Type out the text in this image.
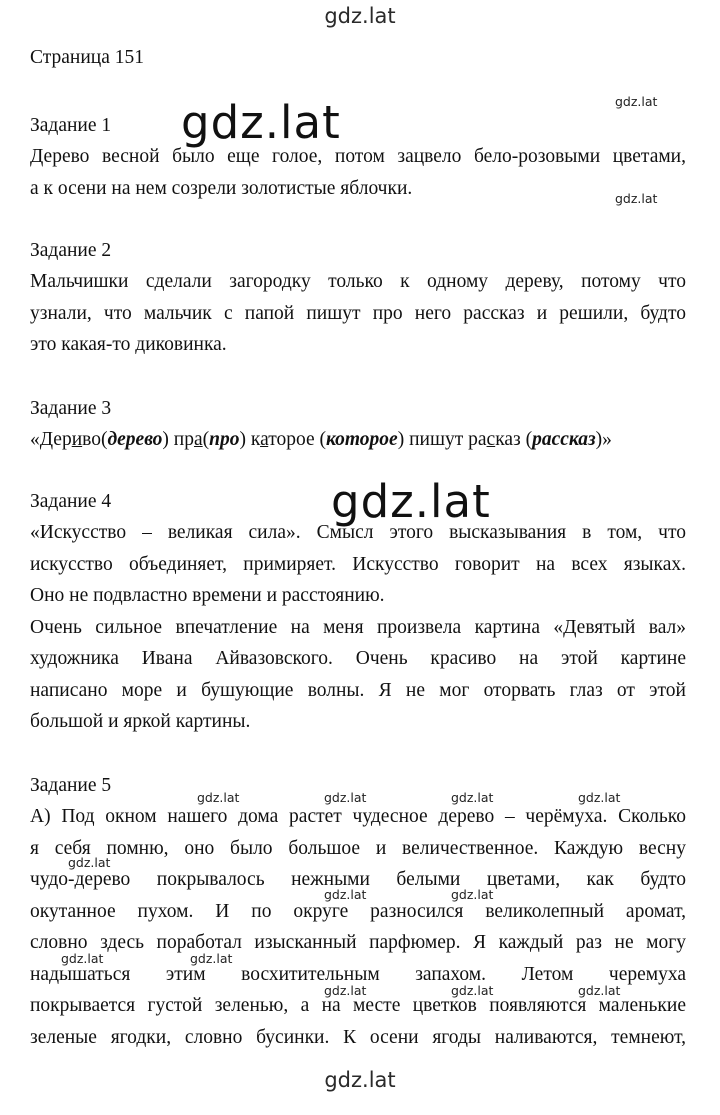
gdz.lat
gdz.lat
gdz.lat
gdz.lat
gdz.lat
gdz.lat
gdz.lat	gdz.lat	gdz.lat	gdz.lat
gdz.lat
gdz.lat	gdz.lat
gdz.lat	gdz.lat
gdz.lat	gdz.lat	gdz.lat
Страница 151
Задание 1

Дерево весной было еще голое, потом зацвело бело-розовыми цветами,

а к осени на нем созрели золотистые яблочки.

Задание 2

Мальчишки сделали загородку только к одному дереву, потому что

узнали, что мальчик с папой пишут про него рассказ и решили, будто

это какая-то диковинка.

Задание 3

«Дериво(дерево) пра(про) каторое (которое) пишут расказ (рассказ)»

Задание 4

«Искусство – великая сила». Смысл этого высказывания в том, что

искусство объединяет, примиряет. Искусство говорит на всех языках.

Оно не подвластно времени и расстоянию.

Очень сильное впечатление на меня произвела картина «Девятый вал»

художника Ивана Айвазовского. Очень красиво на этой картине

написано море и бушующие волны. Я не мог оторвать глаз от этой

большой и яркой картины.

Задание 5

А) Под окном нашего дома растет чудесное дерево – черёмуха. Сколько

я себя помню, оно было большое и величественное. Каждую весну

чудо-дерево покрывалось нежными белыми цветами, как будто

окутанное пухом. И по округе разносился великолепный аромат,

словно здесь поработал изысканный парфюмер. Я каждый раз не могу

надышаться этим восхитительным запахом. Летом черемуха

покрывается густой зеленью, а на месте цветков появляются маленькие

зеленые ягодки, словно бусинки. К осени ягоды наливаются, темнеют,
